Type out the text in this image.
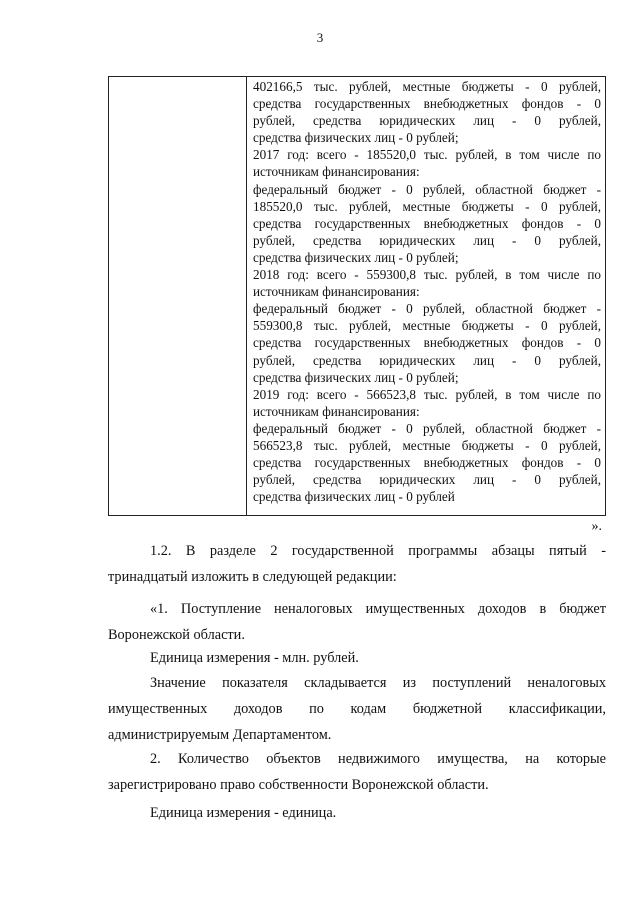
3
402166,5 тыс. рублей, местные бюджеты - 0 рублей,
средства государственных внебюджетных фондов - 0
рублей, средства юридических лиц - 0 рублей,
средства физических лиц - 0 рублей;
2017 год: всего - 185520,0 тыс. рублей, в том числе по
источникам финансирования:
федеральный бюджет - 0 рублей, областной бюджет -
185520,0 тыс. рублей, местные бюджеты - 0 рублей,
средства государственных внебюджетных фондов - 0
рублей, средства юридических лиц - 0 рублей,
средства физических лиц - 0 рублей;
2018 год: всего - 559300,8 тыс. рублей, в том числе по
источникам финансирования:
федеральный бюджет - 0 рублей, областной бюджет -
559300,8 тыс. рублей, местные бюджеты - 0 рублей,
средства государственных внебюджетных фондов - 0
рублей, средства юридических лиц - 0 рублей,
средства физических лиц - 0 рублей;
2019 год: всего - 566523,8 тыс. рублей, в том числе по
источникам финансирования:
федеральный бюджет - 0 рублей, областной бюджет -
566523,8 тыс. рублей, местные бюджеты - 0 рублей,
средства государственных внебюджетных фондов - 0
рублей, средства юридических лиц - 0 рублей,
средства физических лиц - 0 рублей
».
1.2. В разделе 2 государственной программы абзацы пятый -
тринадцатый изложить в следующей редакции:
«1. Поступление неналоговых имущественных доходов в бюджет
Воронежской области.
Единица измерения - млн. рублей.
Значение показателя складывается из поступлений неналоговых
имущественных доходов по кодам бюджетной классификации,
администрируемым Департаментом.
2. Количество объектов недвижимого имущества, на которые
зарегистрировано право собственности Воронежской области.
Единица измерения - единица.
